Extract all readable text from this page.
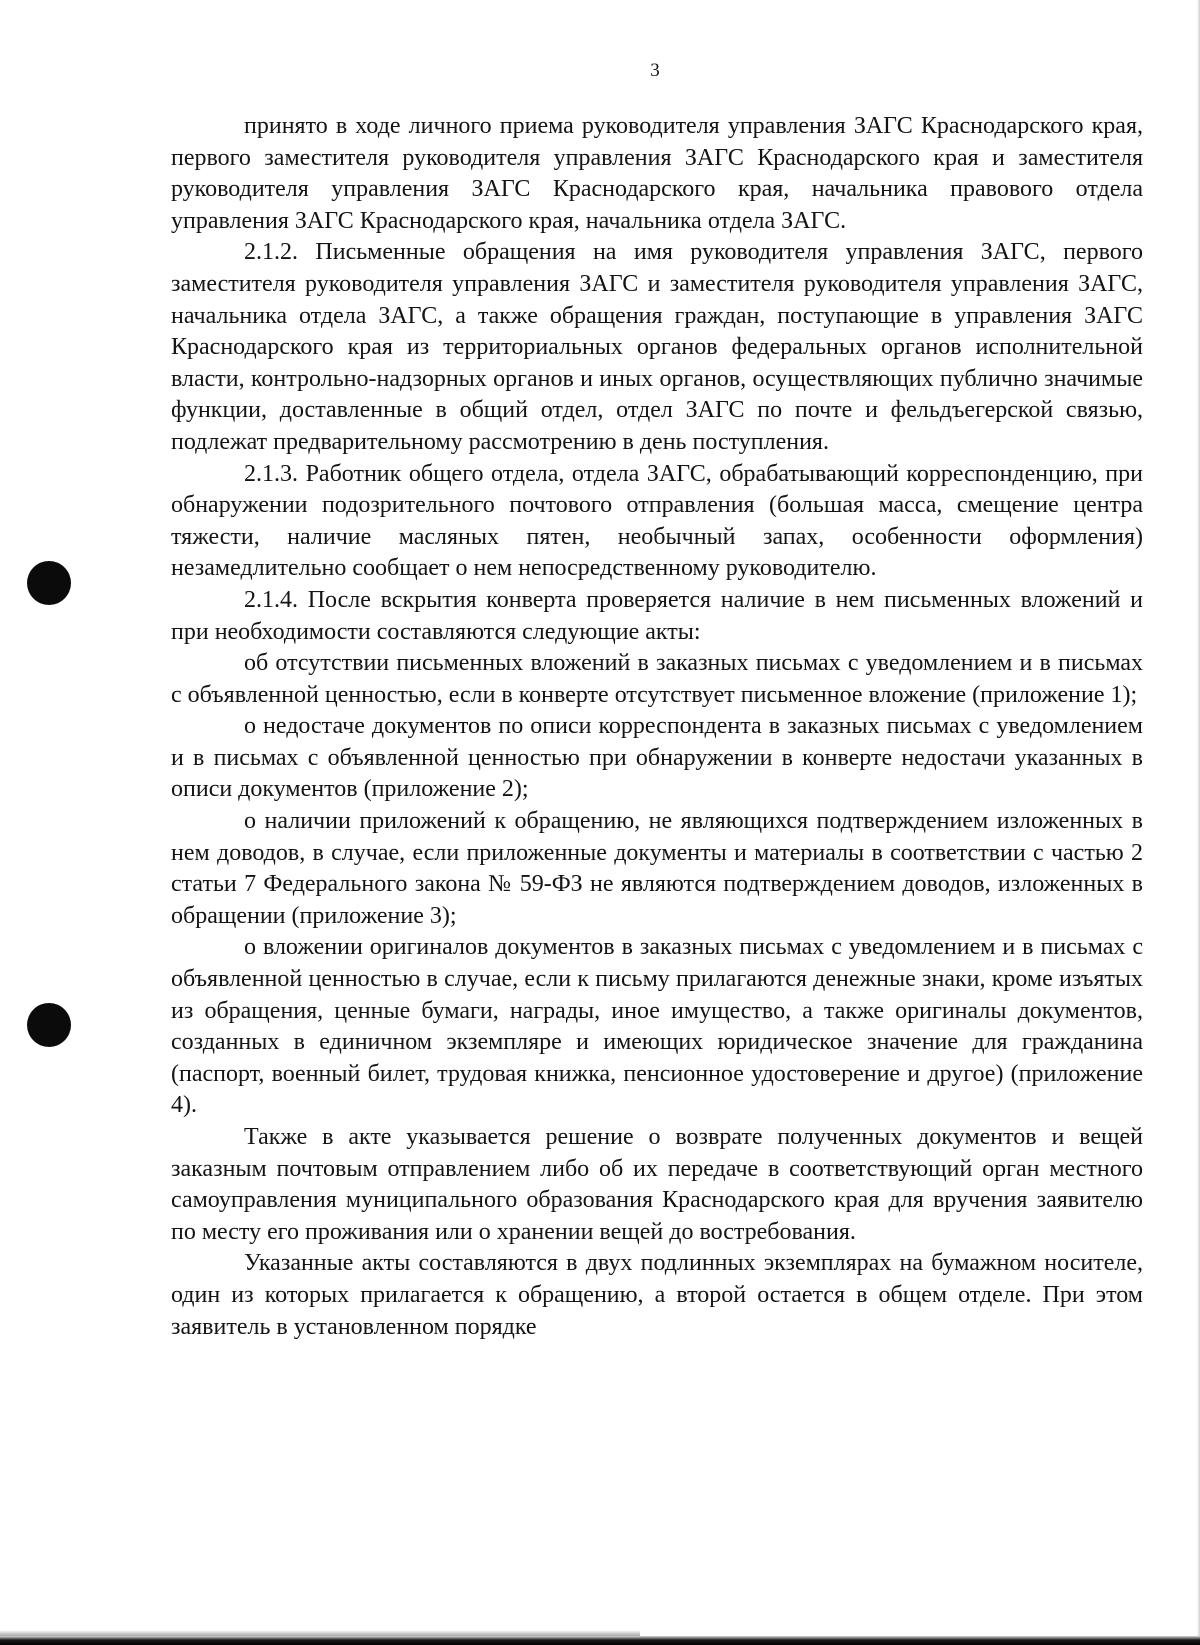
3

принято в ходе личного приема руководителя управления ЗАГС Краснодарского края, первого заместителя руководителя управления ЗАГС Краснодарского края и заместителя руководителя управления ЗАГС Краснодарского края, начальника правового отдела управления ЗАГС Краснодарского края, начальника отдела ЗАГС.

2.1.2. Письменные обращения на имя руководителя управления ЗАГС, первого заместителя руководителя управления ЗАГС и заместителя руководителя управления ЗАГС, начальника отдела ЗАГС, а также обращения граждан, поступающие в управления ЗАГС Краснодарского края из территориальных органов федеральных органов исполнительной власти, контрольно-надзорных органов и иных органов, осуществляющих публично значимые функции, доставленные в общий отдел, отдел ЗАГС по почте и фельдъегерской связью, подлежат предварительному рассмотрению в день поступления.

2.1.3. Работник общего отдела, отдела ЗАГС, обрабатывающий корреспонденцию, при обнаружении подозрительного почтового отправления (большая масса, смещение центра тяжести, наличие масляных пятен, необычный запах, особенности оформления) незамедлительно сообщает о нем непосредственному руководителю.

2.1.4. После вскрытия конверта проверяется наличие в нем письменных вложений и при необходимости составляются следующие акты:

об отсутствии письменных вложений в заказных письмах с уведомлением и в письмах с объявленной ценностью, если в конверте отсутствует письменное вложение (приложение 1);

о недостаче документов по описи корреспондента в заказных письмах с уведомлением и в письмах с объявленной ценностью при обнаружении в конверте недостачи указанных в описи документов (приложение 2);

о наличии приложений к обращению, не являющихся подтверждением изложенных в нем доводов, в случае, если приложенные документы и материалы в соответствии с частью 2 статьи 7 Федерального закона № 59-ФЗ не являются подтверждением доводов, изложенных в обращении (приложение 3);

о вложении оригиналов документов в заказных письмах с уведомлением и в письмах с объявленной ценностью в случае, если к письму прилагаются денежные знаки, кроме изъятых из обращения, ценные бумаги, награды, иное имущество, а также оригиналы документов, созданных в единичном экземпляре и имеющих юридическое значение для гражданина (паспорт, военный билет, трудовая книжка, пенсионное удостоверение и другое) (приложение 4).

Также в акте указывается решение о возврате полученных документов и вещей заказным почтовым отправлением либо об их передаче в соответствующий орган местного самоуправления муниципального образования Краснодарского края для вручения заявителю по месту его проживания или о хранении вещей до востребования.

Указанные акты составляются в двух подлинных экземплярах на бумажном носителе, один из которых прилагается к обращению, а второй остается в общем отделе. При этом заявитель в установленном порядке
